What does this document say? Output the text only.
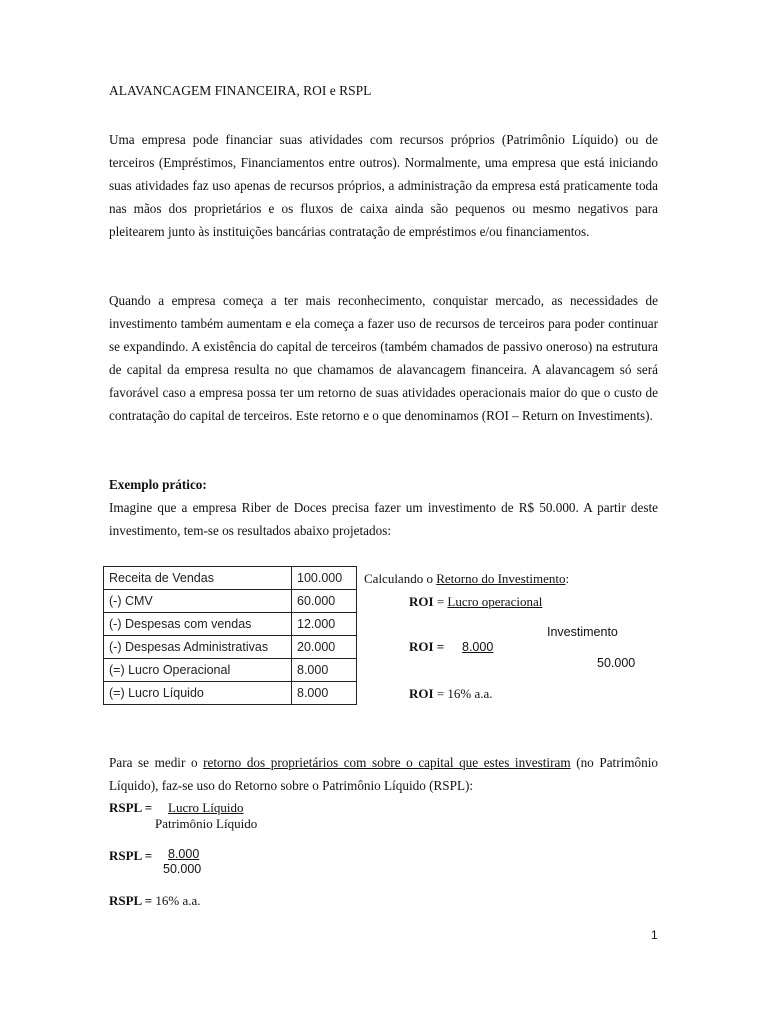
ALAVANCAGEM FINANCEIRA, ROI e RSPL

Uma empresa pode financiar suas atividades com recursos próprios (Patrimônio Líquido) ou de terceiros (Empréstimos, Financiamentos entre outros). Normalmente, uma empresa que está iniciando suas atividades faz uso apenas de recursos próprios, a administração da empresa está praticamente toda nas mãos dos proprietários e os fluxos de caixa ainda são pequenos ou mesmo negativos para pleitearem junto às instituições bancárias contratação de empréstimos e/ou financiamentos.

Quando a empresa começa a ter mais reconhecimento, conquistar mercado, as necessidades de investimento também aumentam e ela começa a fazer uso de recursos de terceiros para poder continuar se expandindo. A existência do capital de terceiros (também chamados de passivo oneroso) na estrutura de capital da empresa resulta no que chamamos de alavancagem financeira. A alavancagem só será favorável caso a empresa possa ter um retorno de suas atividades operacionais maior do que o custo de contratação do capital de terceiros. Este retorno e o que denominamos (ROI – Return on Investiments).

Exemplo prático:
Imagine que a empresa Riber de Doces precisa fazer um investimento de R$ 50.000. A partir deste investimento, tem-se os resultados abaixo projetados:

Receita de Vendas	100.000
(-) CMV	60.000
(-) Despesas com vendas	12.000
(-) Despesas Administrativas	20.000
(=) Lucro Operacional	8.000
(=) Lucro Líquido	8.000
Calculando o Retorno do Investimento:
ROI = Lucro operacional
Investimento
ROI = 8.000
50.000
ROI = 16% a.a.

Para se medir o retorno dos proprietários com sobre o capital que estes investiram (no Patrimônio Líquido), faz-se uso do Retorno sobre o Patrimônio Líquido (RSPL):

RSPL = Lucro Líquido
Patrimônio Líquido
RSPL = 8.000
50.000
RSPL = 16% a.a.
1
